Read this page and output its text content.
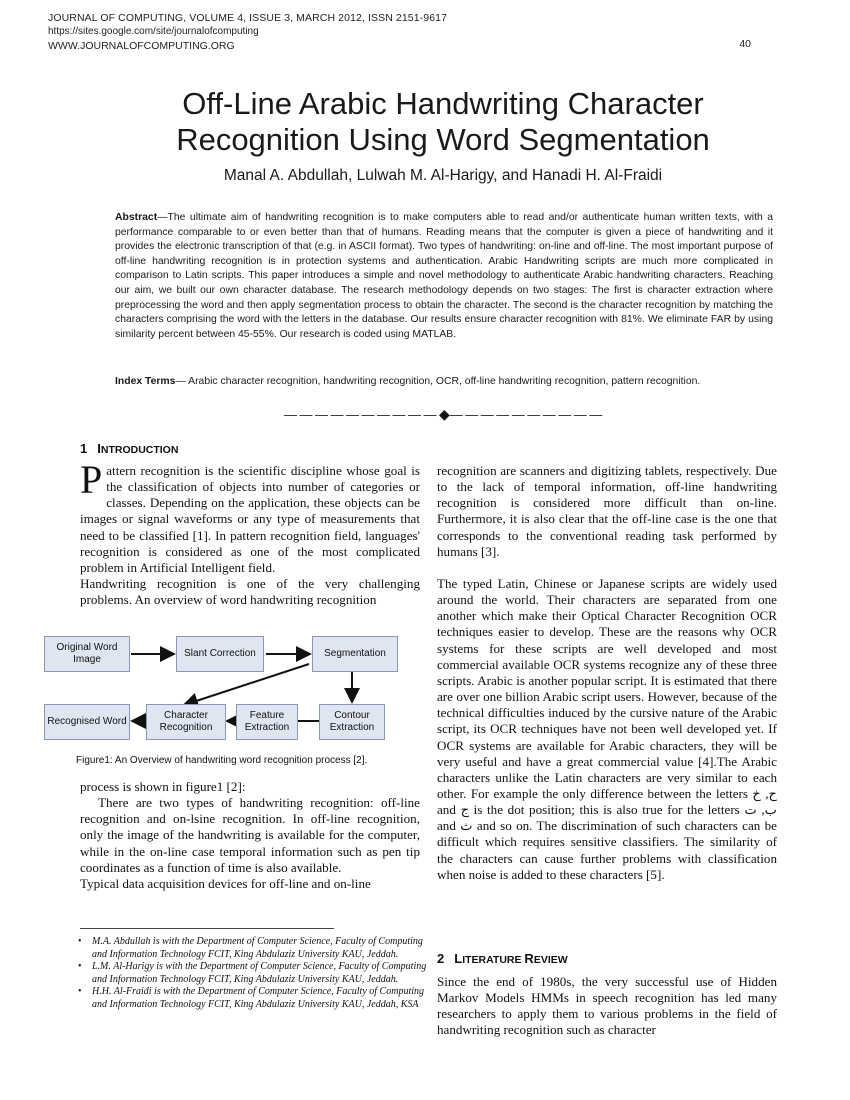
JOURNAL OF COMPUTING, VOLUME 4, ISSUE 3, MARCH 2012, ISSN 2151-9617
https://sites.google.com/site/journalofcomputing
WWW.JOURNALOFCOMPUTING.ORG	40
Off-Line Arabic Handwriting Character
Recognition Using Word Segmentation
Manal A. Abdullah, Lulwah M. Al-Harigy, and Hanadi H. Al-Fraidi
Abstract—The ultimate aim of handwriting recognition is to make computers able to read and/or authenticate human written texts, with a performance comparable to or even better than that of humans. Reading means that the computer is given a piece of handwriting and it provides the electronic transcription of that (e.g. in ASCII format). Two types of handwriting: on-line and off-line. The most important purpose of off-line handwriting recognition is in protection systems and authentication. Arabic Handwriting scripts are much more complicated in comparison to Latin scripts. This paper introduces a simple and novel methodology to authenticate Arabic handwriting characters. Reaching our aim, we built our own character database. The research methodology depends on two stages: The first is character extraction where preprocessing the word and then apply segmentation process to obtain the character. The second is the character recognition by matching the characters comprising the word with the letters in the database. Our results ensure character recognition with 81%. We eliminate FAR by using similarity percent between 45-55%. Our research is coded using MATLAB.
Index Terms— Arabic character recognition, handwriting recognition, OCR, off-line handwriting recognition, pattern recognition.
—————————— ◆ ——————————
1 INTRODUCTION

Pattern recognition is the scientific discipline whose goal is the classification of objects into number of categories or classes. Depending on the application, these objects can be images or signal waveforms or any type of measurements that need to be classified [1]. In pattern recognition field, languages' recognition is considered as one of the most complicated problem in Artificial Intelligent field.

Handwriting recognition is one of the very challenging problems. An overview of word handwriting recognition

Original Word Image
Slant Correction	Segmentation
Contour Extraction
Feature Extraction
Character Recognition
Recognised Word
Figure1: An Overview of handwriting word recognition process [2].

process is shown in figure1 [2]:

There are two types of handwriting recognition: off-line recognition and on-lsine recognition. In off-line recognition, only the image of the handwriting is available for the computer, while in the on-line case temporal information such as pen tip coordinates as a function of time is also available.

Typical data acquisition devices for off-line and on-line

• M.A. Abdullah is with the Department of Computer Science, Faculty of Computing and Information Technology FCIT, King Abdulaziz University KAU, Jeddah.
• L.M. Al-Harigy is with the Department of Computer Science, Faculty of Computing and Information Technology FCIT, King Abdulaziz University KAU, Jeddah.
• H.H. Al-Fraidi is with the Department of Computer Science, Faculty of Computing and Information Technology FCIT, King Abdulaziz University KAU, Jeddah, KSA

recognition are scanners and digitizing tablets, respectively. Due to the lack of temporal information, off-line handwriting recognition is considered more difficult than on-line. Furthermore, it is also clear that the off-line case is the one that corresponds to the conventional reading task performed by humans [3].

The typed Latin, Chinese or Japanese scripts are widely used around the world. Their characters are separated from one another which make their Optical Character Recognition OCR techniques easier to develop. These are the reasons why OCR systems for these scripts are well developed and most commercial available OCR systems recognize any of these three scripts. Arabic is another popular script. It is estimated that there are over one billion Arabic script users. However, because of the technical difficulties induced by the cursive nature of the Arabic script, its OCR techniques have not been well developed yet. If OCR systems are available for Arabic characters, they will be very useful and have a great commercial value [4].The Arabic characters unlike the Latin characters are very similar to each other. For example the only difference between the letters ح, خ and ج is the dot position; this is also true for the letters ب, ت and ث and so on. The discrimination of such characters can be difficult which requires sensitive classifiers. The similarity of the characters can cause further problems with classification when noise is added to these characters [5].

2 LITERATURE REVIEW

Since the end of 1980s, the very successful use of Hidden Markov Models HMMs in speech recognition has led many researchers to apply them to various problems in the field of handwriting recognition such as character
